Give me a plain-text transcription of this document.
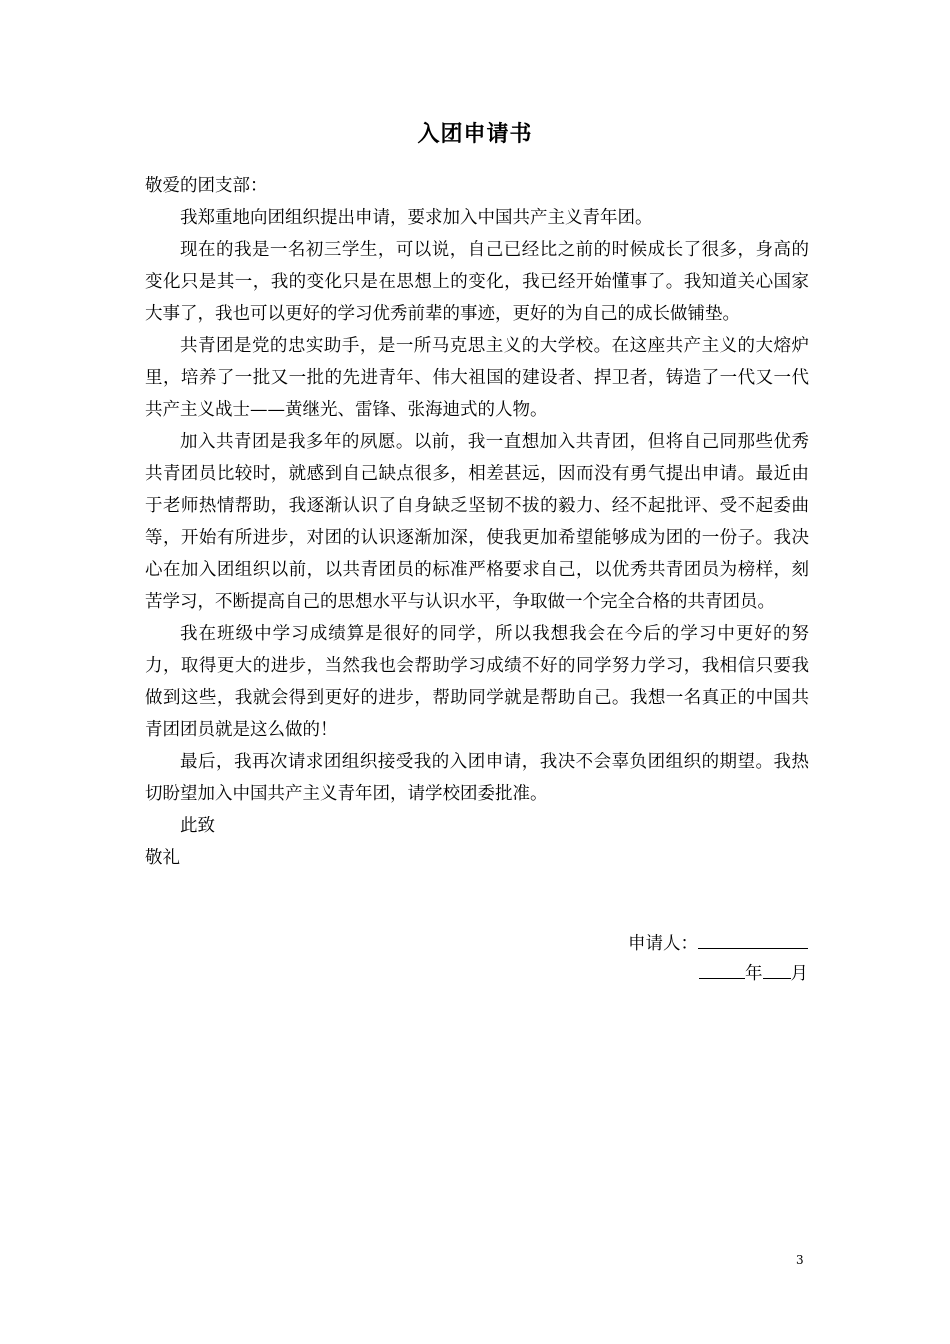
入团申请书

敬爱的团支部：

我郑重地向团组织提出申请，要求加入中国共产主义青年团。

现在的我是一名初三学生，可以说，自己已经比之前的时候成长了很多，身高的变化只是其一，我的变化只是在思想上的变化，我已经开始懂事了。我知道关心国家大事了，我也可以更好的学习优秀前辈的事迹，更好的为自己的成长做铺垫。

共青团是党的忠实助手，是一所马克思主义的大学校。在这座共产主义的大熔炉里，培养了一批又一批的先进青年、伟大祖国的建设者、捍卫者，铸造了一代又一代共产主义战士——黄继光、雷锋、张海迪式的人物。

加入共青团是我多年的夙愿。以前，我一直想加入共青团，但将自己同那些优秀共青团员比较时，就感到自己缺点很多，相差甚远，因而没有勇气提出申请。最近由于老师热情帮助，我逐渐认识了自身缺乏坚韧不拔的毅力、经不起批评、受不起委曲等，开始有所进步，对团的认识逐渐加深，使我更加希望能够成为团的一份子。我决心在加入团组织以前，以共青团员的标准严格要求自己，以优秀共青团员为榜样，刻苦学习，不断提高自己的思想水平与认识水平，争取做一个完全合格的共青团员。

我在班级中学习成绩算是很好的同学，所以我想我会在今后的学习中更好的努力，取得更大的进步，当然我也会帮助学习成绩不好的同学努力学习，我相信只要我做到这些，我就会得到更好的进步，帮助同学就是帮助自己。我想一名真正的中国共青团团员就是这么做的！

最后，我再次请求团组织接受我的入团申请，我决不会辜负团组织的期望。我热切盼望加入中国共产主义青年团，请学校团委批准。

此致

敬礼

申请人：
年 月
3
